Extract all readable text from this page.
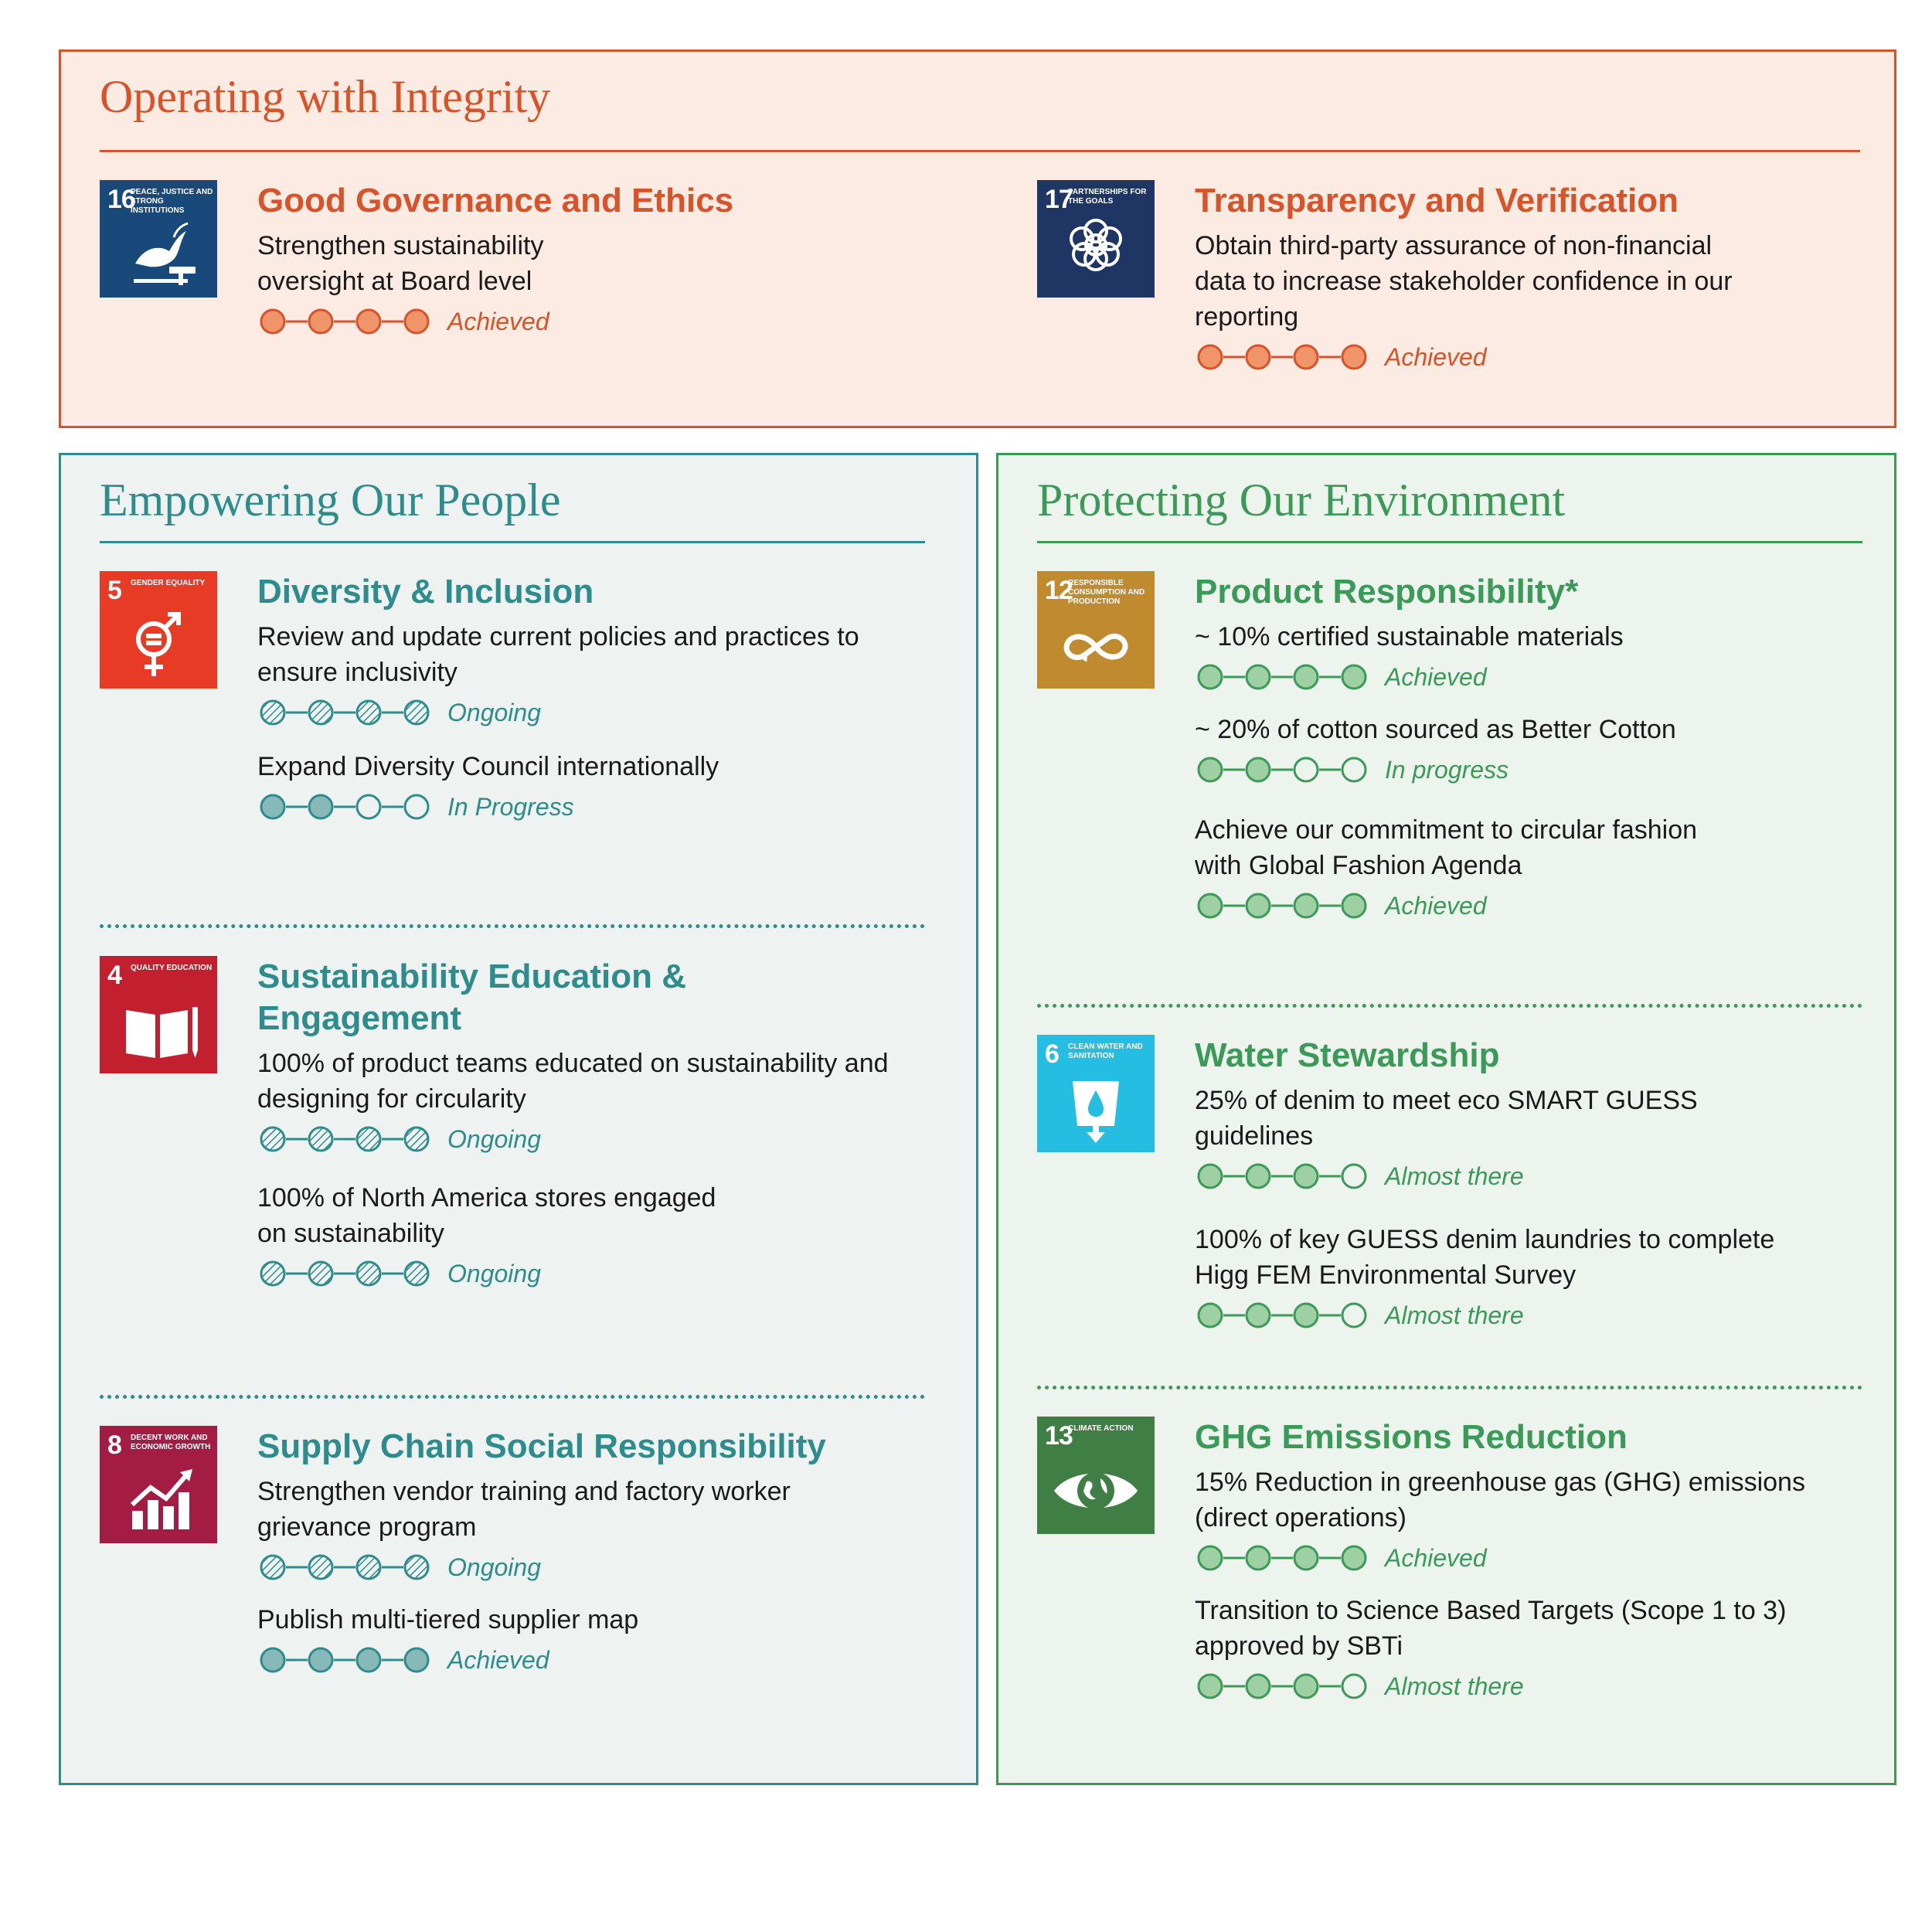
Operating with Integrity
16
PEACE, JUSTICE AND STRONG INSTITUTIONS	Good Governance and Ethics

Strengthen sustainability oversight at Board level

Achieved
17
PARTNERSHIPS FOR THE GOALS	Transparency and Verification

Obtain third-party assurance of non-financial data to increase stakeholder confidence in our reporting

Achieved
Empowering Our People
5 GENDER EQUALITY Diversity & Inclusion

Review and update current policies and practices to ensure inclusivity

Ongoing

Expand Diversity Council internationally

In Progress
4 QUALITY EDUCATION Sustainability Education & Engagement

100% of product teams educated on sustainability and designing for circularity

Ongoing

100% of North America stores engaged on sustainability

Ongoing
8 DECENT WORK AND ECONOMIC GROWTH Supply Chain Social Responsibility

Strengthen vendor training and factory worker grievance program

Ongoing

Publish multi-tiered supplier map

Achieved
Protecting Our Environment
12
RESPONSIBLE CONSUMPTION AND PRODUCTION	Product Responsibility*

~ 10% certified sustainable materials

Achieved

~ 20% of cotton sourced as Better Cotton

In progress

Achieve our commitment to circular fashion with Global Fashion Agenda

Achieved
6 CLEAN WATER AND SANITATION	Water Stewardship

25% of denim to meet eco SMART GUESS guidelines

Almost there

100% of key GUESS denim laundries to complete Higg FEM Environmental Survey

Almost there
13
CLIMATE ACTION	GHG Emissions Reduction

15% Reduction in greenhouse gas (GHG) emissions (direct operations)

Achieved

Transition to Science Based Targets (Scope 1 to 3) approved by SBTi

Almost there
